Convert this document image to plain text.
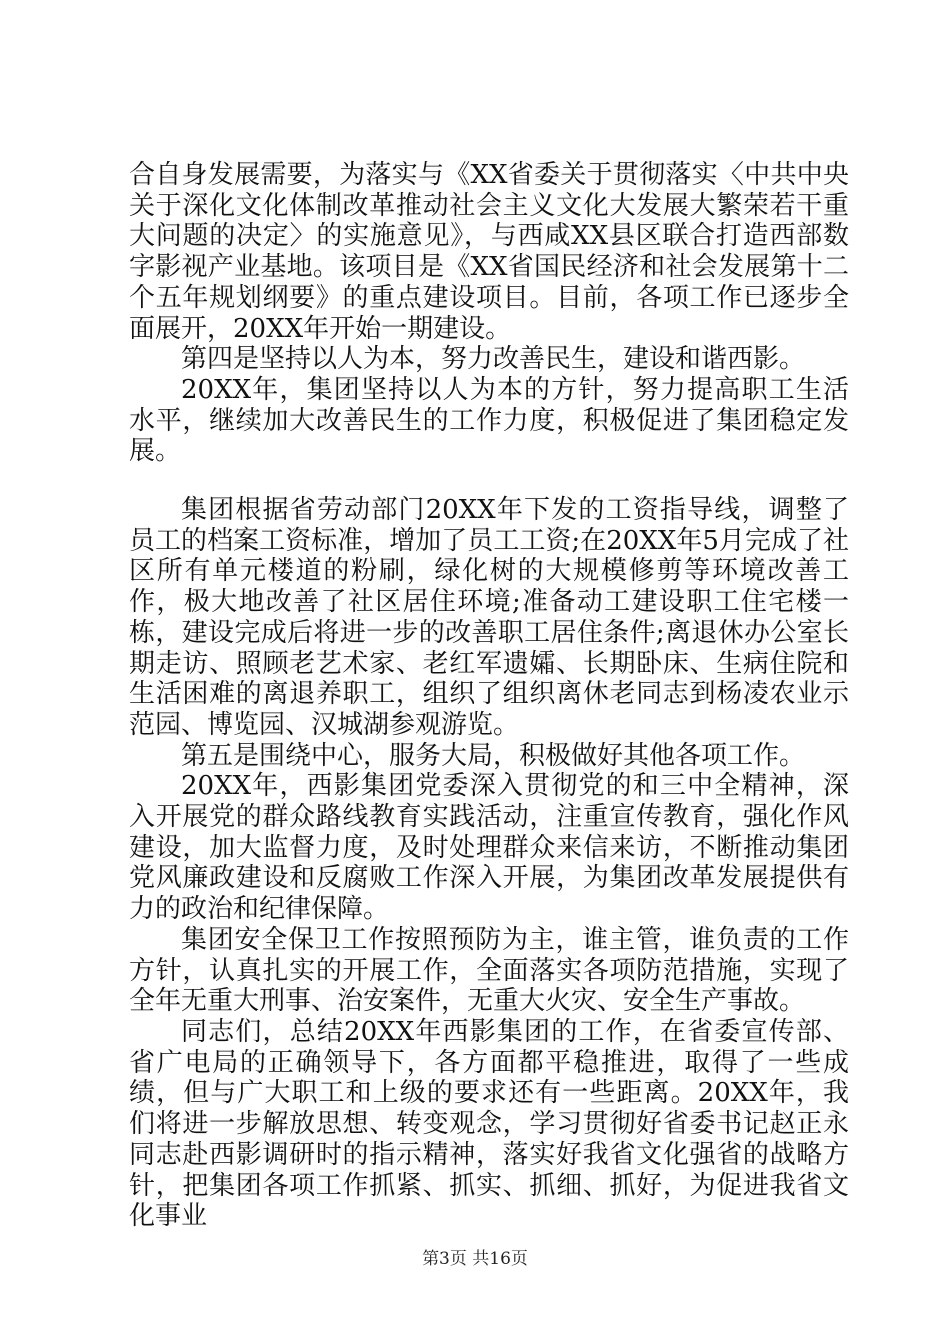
合自身发展需要，为落实与《XX省委关于贯彻落实〈中共中央关于深化文化体制改革推动社会主义文化大发展大繁荣若干重大问题的决定〉的实施意见》，与西咸XX县区联合打造西部数字影视产业基地。该项目是《XX省国民经济和社会发展第十二个五年规划纲要》的重点建设项目。目前，各项工作已逐步全面展开，20XX年开始一期建设。

第四是坚持以人为本，努力改善民生，建设和谐西影。

20XX年，集团坚持以人为本的方针，努力提高职工生活水平，继续加大改善民生的工作力度，积极促进了集团稳定发展。

集团根据省劳动部门20XX年下发的工资指导线，调整了员工的档案工资标准，增加了员工工资;在20XX年5月完成了社区所有单元楼道的粉刷，绿化树的大规模修剪等环境改善工作，极大地改善了社区居住环境;准备动工建设职工住宅楼一栋，建设完成后将进一步的改善职工居住条件;离退休办公室长期走访、照顾老艺术家、老红军遗孀、长期卧床、生病住院和生活困难的离退养职工，组织了组织离休老同志到杨凌农业示范园、博览园、汉城湖参观游览。

第五是围绕中心，服务大局，积极做好其他各项工作。

20XX年，西影集团党委深入贯彻党的和三中全精神，深入开展党的群众路线教育实践活动，注重宣传教育，强化作风建设，加大监督力度，及时处理群众来信来访，不断推动集团党风廉政建设和反腐败工作深入开展，为集团改革发展提供有力的政治和纪律保障。

集团安全保卫工作按照预防为主，谁主管，谁负责的工作方针，认真扎实的开展工作，全面落实各项防范措施，实现了全年无重大刑事、治安案件，无重大火灾、安全生产事故。

同志们，总结20XX年西影集团的工作，在省委宣传部、省广电局的正确领导下，各方面都平稳推进，取得了一些成绩，但与广大职工和上级的要求还有一些距离。20XX年，我们将进一步解放思想、转变观念，学习贯彻好省委书记赵正永同志赴西影调研时的指示精神，落实好我省文化强省的战略方针，把集团各项工作抓紧、抓实、抓细、抓好，为促进我省文化事业

第3页 共16页
